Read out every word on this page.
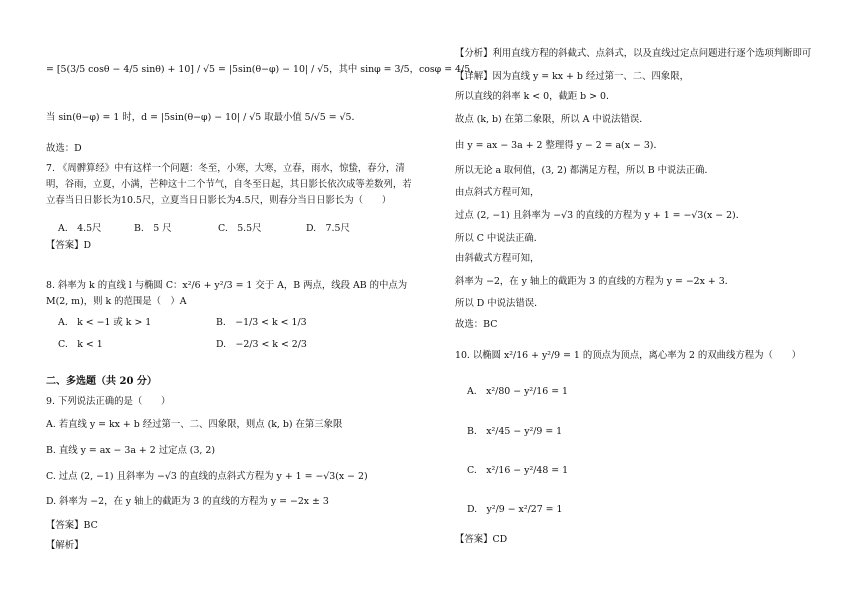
= [5(3/5 cosθ − 4/5 sinθ) + 10] / √5 = |5sin(θ−φ) − 10| / √5，其中 sinφ = 3/5，cosφ = 4/5，
当 sin(θ−φ) = 1 时，d = |5sin(θ−φ) − 10| / √5 取最小值 5/√5 = √5．
故选：D
7. 《周髀算经》中有这样一个问题：冬至，小寒，大寒，立春，雨水，惊蛰，春分，清明，谷雨，立夏，小满，芒种这十二个节气，自冬至日起，其日影长依次成等差数列，若立春当日日影长为10.5尺，立夏当日日影长为4.5尺，则春分当日日影长为（　　）
A.　4.5尺	B.　5 尺	C.　5.5尺	D.　7.5尺
【答案】D
8. 斜率为 k 的直线 l 与椭圆 C：x²/6 + y²/3 = 1 交于 A，B 两点，线段 AB 的中点为 M(2, m)，则 k 的范围是（　）A
A.　k < −1 或 k > 1	B.　−1/3 < k < 1/3
C.　k < 1	D.　−2/3 < k < 2/3
二、多选题（共 20 分）
9. 下列说法正确的是（　　）
A. 若直线 y = kx + b 经过第一、二、四象限，则点 (k, b) 在第三象限
B. 直线 y = ax − 3a + 2 过定点 (3, 2)
C. 过点 (2, −1) 且斜率为 −√3 的直线的点斜式方程为 y + 1 = −√3(x − 2)
D. 斜率为 −2，在 y 轴上的截距为 3 的直线的方程为 y = −2x ± 3
【答案】BC
【解析】
【分析】利用直线方程的斜截式、点斜式，以及直线过定点问题进行逐个选项判断即可
【详解】因为直线 y = kx + b 经过第一、二、四象限，
所以直线的斜率 k < 0，截距 b > 0．
故点 (k, b) 在第二象限，所以 A 中说法错误．
由 y = ax − 3a + 2 整理得 y − 2 = a(x − 3)．
所以无论 a 取何值，(3, 2) 都满足方程，所以 B 中说法正确．
由点斜式方程可知，
过点 (2, −1) 且斜率为 −√3 的直线的方程为 y + 1 = −√3(x − 2)．
所以 C 中说法正确．
由斜截式方程可知，
斜率为 −2，在 y 轴上的截距为 3 的直线的方程为 y = −2x + 3．
所以 D 中说法错误．
故选：BC
10. 以椭圆 x²/16 + y²/9 = 1 的顶点为顶点，离心率为 2 的双曲线方程为（　　）
A.　x²/80 − y²/16 = 1
B.　x²/45 − y²/9 = 1
C.　x²/16 − y²/48 = 1
D.　y²/9 − x²/27 = 1
【答案】CD
